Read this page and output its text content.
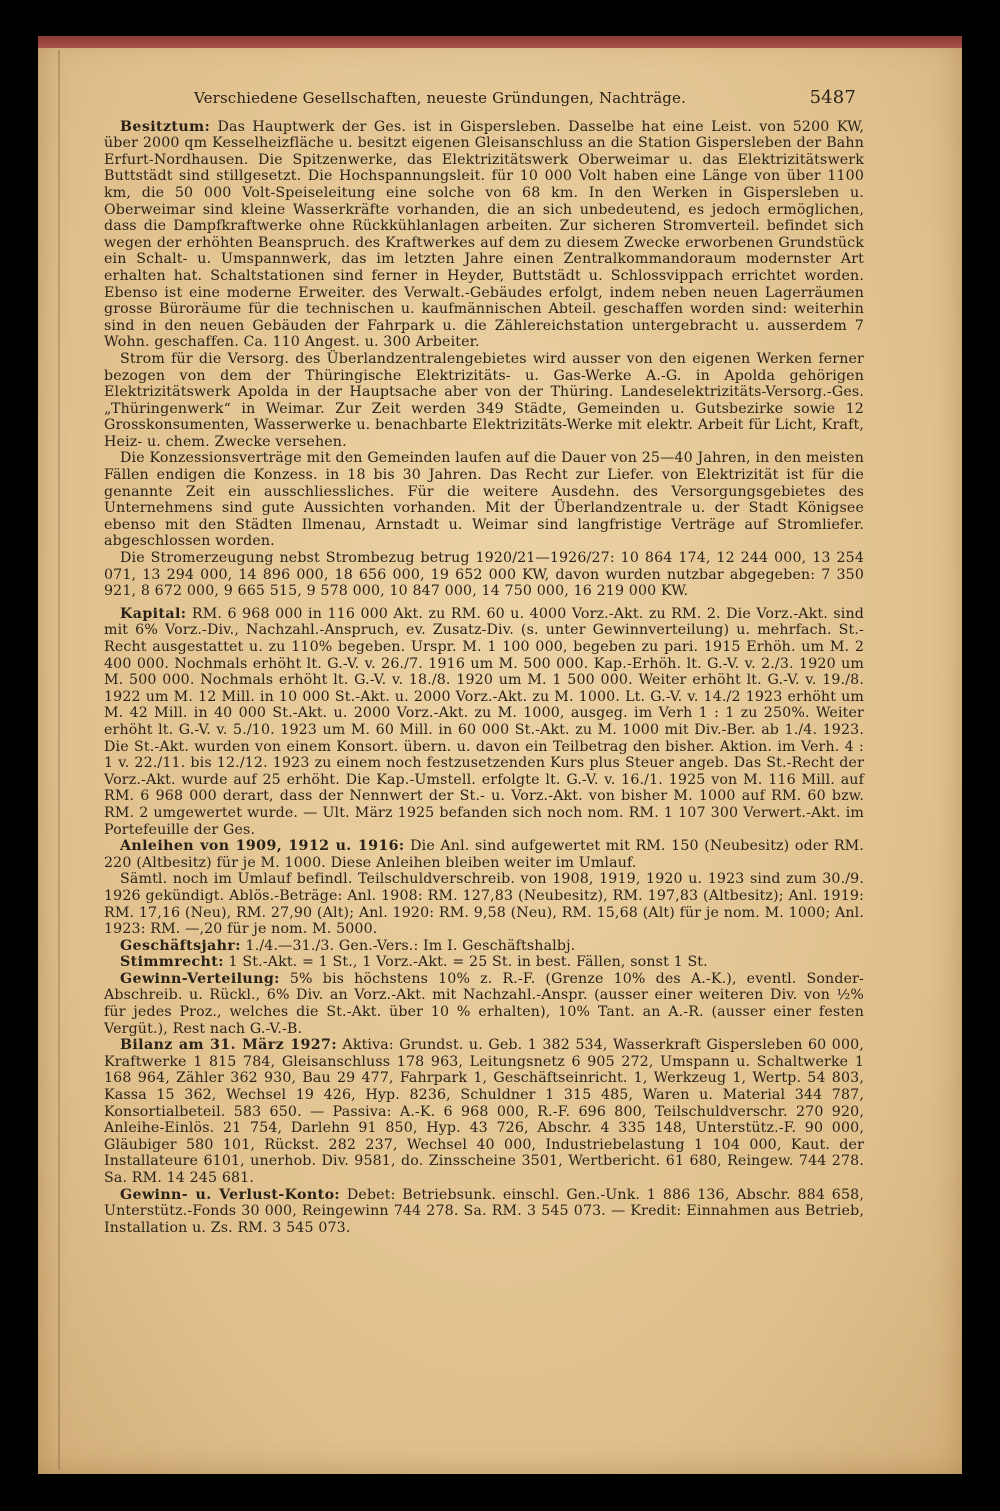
Verschiedene Gesellschaften, neueste Gründungen, Nachträge.	5487

Besitztum: Das Hauptwerk der Ges. ist in Gispersleben. Dasselbe hat eine Leist. von 5200 KW, über 2000 qm Kesselheizfläche u. besitzt eigenen Gleisanschluss an die Station Gispersleben der Bahn Erfurt-Nordhausen. Die Spitzenwerke, das Elektrizitätswerk Oberweimar u. das Elektrizitätswerk Buttstädt sind stillgesetzt. Die Hochspannungsleit. für 10 000 Volt haben eine Länge von über 1100 km, die 50 000 Volt-Speiseleitung eine solche von 68 km. In den Werken in Gispersleben u. Oberweimar sind kleine Wasserkräfte vorhanden, die an sich unbedeutend, es jedoch ermöglichen, dass die Dampfkraftwerke ohne Rückkühlanlagen arbeiten. Zur sicheren Stromverteil. befindet sich wegen der erhöhten Beanspruch. des Kraftwerkes auf dem zu diesem Zwecke erworbenen Grundstück ein Schalt- u. Umspannwerk, das im letzten Jahre einen Zentralkommandoraum modernster Art erhalten hat. Schaltstationen sind ferner in Heyder, Buttstädt u. Schlossvippach errichtet worden. Ebenso ist eine moderne Erweiter. des Verwalt.-Gebäudes erfolgt, indem neben neuen Lagerräumen grosse Büroräume für die technischen u. kaufmännischen Abteil. geschaffen worden sind: weiterhin sind in den neuen Gebäuden der Fahrpark u. die Zählereichstation untergebracht u. ausserdem 7 Wohn. geschaffen. Ca. 110 Angest. u. 300 Arbeiter.

Strom für die Versorg. des Überlandzentralengebietes wird ausser von den eigenen Werken ferner bezogen von dem der Thüringische Elektrizitäts- u. Gas-Werke A.-G. in Apolda gehörigen Elektrizitätswerk Apolda in der Hauptsache aber von der Thüring. Landeselektrizitäts-Versorg.-Ges. „Thüringenwerk“ in Weimar. Zur Zeit werden 349 Städte, Gemeinden u. Gutsbezirke sowie 12 Grosskonsumenten, Wasserwerke u. benachbarte Elektrizitäts-Werke mit elektr. Arbeit für Licht, Kraft, Heiz- u. chem. Zwecke versehen.

Die Konzessionsverträge mit den Gemeinden laufen auf die Dauer von 25—40 Jahren, in den meisten Fällen endigen die Konzess. in 18 bis 30 Jahren. Das Recht zur Liefer. von Elektrizität ist für die genannte Zeit ein ausschliessliches. Für die weitere Ausdehn. des Versorgungsgebietes des Unternehmens sind gute Aussichten vorhanden. Mit der Überlandzentrale u. der Stadt Königsee ebenso mit den Städten Ilmenau, Arnstadt u. Weimar sind langfristige Verträge auf Stromliefer. abgeschlossen worden.

Die Stromerzeugung nebst Strombezug betrug 1920/21—1926/27: 10 864 174, 12 244 000, 13 254 071, 13 294 000, 14 896 000, 18 656 000, 19 652 000 KW, davon wurden nutzbar abgegeben: 7 350 921, 8 672 000, 9 665 515, 9 578 000, 10 847 000, 14 750 000, 16 219 000 KW.

Kapital: RM. 6 968 000 in 116 000 Akt. zu RM. 60 u. 4000 Vorz.-Akt. zu RM. 2. Die Vorz.-Akt. sind mit 6% Vorz.-Div., Nachzahl.-Anspruch, ev. Zusatz-Div. (s. unter Gewinnverteilung) u. mehrfach. St.-Recht ausgestattet u. zu 110% begeben. Urspr. M. 1 100 000, begeben zu pari. 1915 Erhöh. um M. 2 400 000. Nochmals erhöht lt. G.-V. v. 26./7. 1916 um M. 500 000. Kap.-Erhöh. lt. G.-V. v. 2./3. 1920 um M. 500 000. Nochmals erhöht lt. G.-V. v. 18./8. 1920 um M. 1 500 000. Weiter erhöht lt. G.-V. v. 19./8. 1922 um M. 12 Mill. in 10 000 St.-Akt. u. 2000 Vorz.-Akt. zu M. 1000. Lt. G.-V. v. 14./2 1923 erhöht um M. 42 Mill. in 40 000 St.-Akt. u. 2000 Vorz.-Akt. zu M. 1000, ausgeg. im Verh 1 : 1 zu 250%. Weiter erhöht lt. G.-V. v. 5./10. 1923 um M. 60 Mill. in 60 000 St.-Akt. zu M. 1000 mit Div.-Ber. ab 1./4. 1923. Die St.-Akt. wurden von einem Konsort. übern. u. davon ein Teilbetrag den bisher. Aktion. im Verh. 4 : 1 v. 22./11. bis 12./12. 1923 zu einem noch festzusetzenden Kurs plus Steuer angeb. Das St.-Recht der Vorz.-Akt. wurde auf 25 erhöht. Die Kap.-Umstell. erfolgte lt. G.-V. v. 16./1. 1925 von M. 116 Mill. auf RM. 6 968 000 derart, dass der Nennwert der St.- u. Vorz.-Akt. von bisher M. 1000 auf RM. 60 bzw. RM. 2 umgewertet wurde. — Ult. März 1925 befanden sich noch nom. RM. 1 107 300 Verwert.-Akt. im Portefeuille der Ges.

Anleihen von 1909, 1912 u. 1916: Die Anl. sind aufgewertet mit RM. 150 (Neubesitz) oder RM. 220 (Altbesitz) für je M. 1000. Diese Anleihen bleiben weiter im Umlauf.

Sämtl. noch im Umlauf befindl. Teilschuldverschreib. von 1908, 1919, 1920 u. 1923 sind zum 30./9. 1926 gekündigt. Ablös.-Beträge: Anl. 1908: RM. 127,83 (Neubesitz), RM. 197,83 (Altbesitz); Anl. 1919: RM. 17,16 (Neu), RM. 27,90 (Alt); Anl. 1920: RM. 9,58 (Neu), RM. 15,68 (Alt) für je nom. M. 1000; Anl. 1923: RM. —,20 für je nom. M. 5000.

Geschäftsjahr: 1./4.—31./3. Gen.-Vers.: Im I. Geschäftshalbj.

Stimmrecht: 1 St.-Akt. = 1 St., 1 Vorz.-Akt. = 25 St. in best. Fällen, sonst 1 St.

Gewinn-Verteilung: 5% bis höchstens 10% z. R.-F. (Grenze 10% des A.-K.), eventl. Sonder-Abschreib. u. Rückl., 6% Div. an Vorz.-Akt. mit Nachzahl.-Anspr. (ausser einer weiteren Div. von ½% für jedes Proz., welches die St.-Akt. über 10 % erhalten), 10% Tant. an A.-R. (ausser einer festen Vergüt.), Rest nach G.-V.-B.

Bilanz am 31. März 1927: Aktiva: Grundst. u. Geb. 1 382 534, Wasserkraft Gispersleben 60 000, Kraftwerke 1 815 784, Gleisanschluss 178 963, Leitungsnetz 6 905 272, Umspann u. Schaltwerke 1 168 964, Zähler 362 930, Bau 29 477, Fahrpark 1, Geschäftseinricht. 1, Werkzeug 1, Wertp. 54 803, Kassa 15 362, Wechsel 19 426, Hyp. 8236, Schuldner 1 315 485, Waren u. Material 344 787, Konsortialbeteil. 583 650. — Passiva: A.-K. 6 968 000, R.-F. 696 800, Teilschuldverschr. 270 920, Anleihe-Einlös. 21 754, Darlehn 91 850, Hyp. 43 726, Abschr. 4 335 148, Unterstütz.-F. 90 000, Gläubiger 580 101, Rückst. 282 237, Wechsel 40 000, Industriebelastung 1 104 000, Kaut. der Installateure 6101, unerhob. Div. 9581, do. Zinsscheine 3501, Wertbericht. 61 680, Reingew. 744 278. Sa. RM. 14 245 681.

Gewinn- u. Verlust-Konto: Debet: Betriebsunk. einschl. Gen.-Unk. 1 886 136, Abschr. 884 658, Unterstütz.-Fonds 30 000, Reingewinn 744 278. Sa. RM. 3 545 073. — Kredit: Einnahmen aus Betrieb, Installation u. Zs. RM. 3 545 073.
